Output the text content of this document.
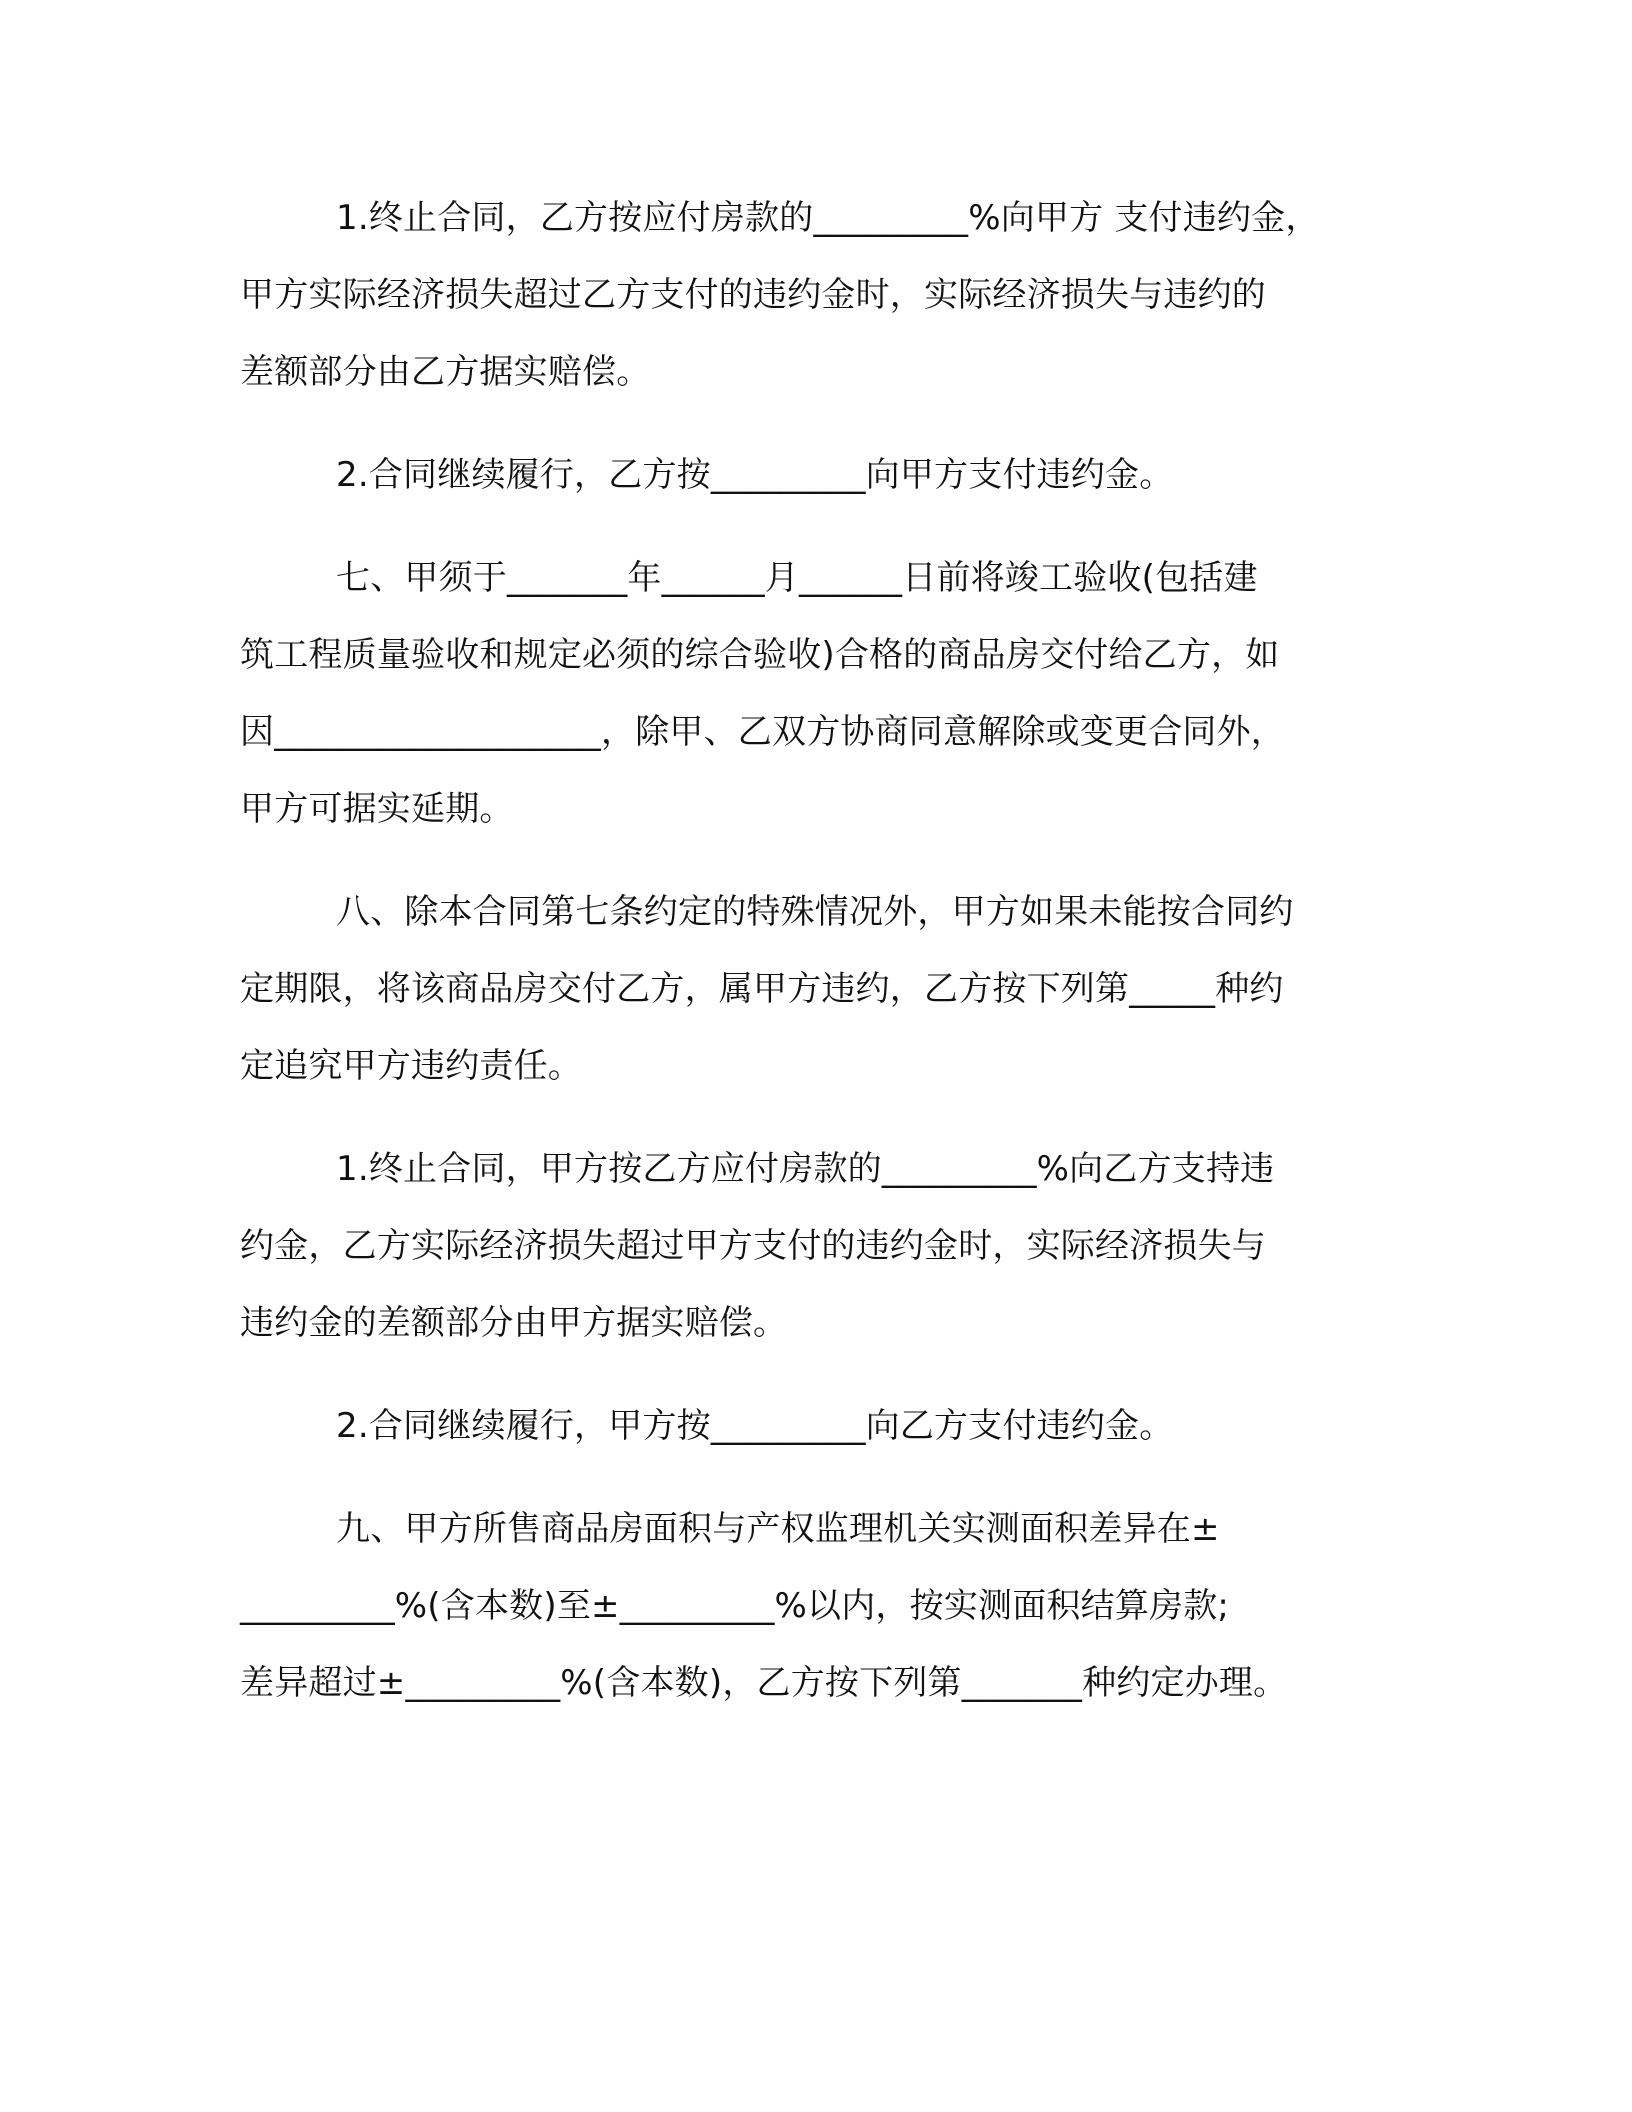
1.终止合同，乙方按应付房款的_________%向甲方 支付违约金，
甲方实际经济损失超过乙方支付的违约金时，实际经济损失与违约的
差额部分由乙方据实赔偿。
2.合同继续履行，乙方按_________向甲方支付违约金。
七、甲须于_______年______月______日前将竣工验收(包括建
筑工程质量验收和规定必须的综合验收)合格的商品房交付给乙方，如
因___________________，除甲、乙双方协商同意解除或变更合同外，
甲方可据实延期。
八、除本合同第七条约定的特殊情况外，甲方如果未能按合同约
定期限，将该商品房交付乙方，属甲方违约，乙方按下列第_____种约
定追究甲方违约责任。
1.终止合同，甲方按乙方应付房款的_________%向乙方支持违
约金，乙方实际经济损失超过甲方支付的违约金时，实际经济损失与
违约金的差额部分由甲方据实赔偿。
2.合同继续履行，甲方按_________向乙方支付违约金。
九、甲方所售商品房面积与产权监理机关实测面积差异在±
_________%(含本数)至±_________%以内，按实测面积结算房款;
差异超过±_________%(含本数)，乙方按下列第_______种约定办理。
